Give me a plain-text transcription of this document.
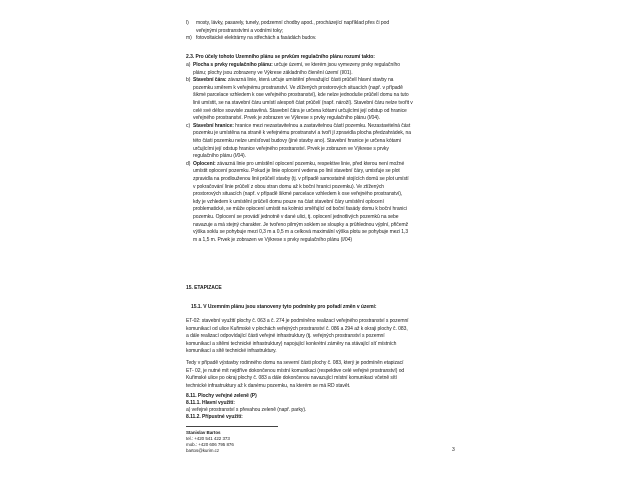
l) mosty, lávky, pasarely, tunely, podzemní chodby apod., procházející například přes či pod
veřejnými prostranstvími a vodními toky;
m) fotovoltaické elektrárny na střechách a fasádách budov.
2.3. Pro účely tohoto Územního plánu se prvkům regulačního plánu rozumí takto:
a) Plocha s prvky regulačního plánu: určuje území, ve kterém jsou vymezeny prvky regulačního
plánu; plochy jsou zobrazeny ve Výkrese základního členění území (I/01).
b) Stavební čára: závazná linie, která určuje umístění převažující části průčelí hlavní stavby na
pozemku směrem k veřejnému prostranství. Ve zlížených prostorových situacích (např. v případě
šikmé parcelace vzhledem k ose veřejného prostranství), kde nelze jednoduše průčelí domu na tuto
linii umístit, se na stavební čáru umístí alespoň část průčelí (např. nároží). Stavební čáru nelze tvořit v
celé své délce souvisle zastavěná. Stavební čára je určena kótami určujícími její odstup od hranice
veřejného prostranství. Prvek je zobrazen ve Výkrese s prvky regulačního plánu (I/04).
c) Stavební hranice: hranice mezi nezastavitelnou a zastavitelnou částí pozemku. Nezastavitelná část
pozemku je umístěna na straně k veřejnému prostranství a tvoří jí zpravidla plocha předzahrádek, na
této části pozemku nelze umísťovat budovy (jiné stavby ano). Stavební hranice je určena kótami
určujícími její odstup hranice veřejného prostranství. Prvek je zobrazen ve Výkrese s prvky
regulačního plánu (I/04).
d) Oplocení: závazná linie pro umístění oplocení pozemku, respektive linie, před kterou není možné
umístit oplocení pozemku. Pokud je linie oplocení vedena po linii stavební čáry, umisťuje se plot
zpravidla na prodlouženou linii průčelí stavby (tj. v případě samostatně stojících domů se plot umístí
v pokračování linie průčelí z obou stran domu až k boční hranici pozemku). Ve ztížených
prostorových situacích (např. v případě šikmé parcelace vzhledem k ose veřejného prostranství),
kdy je vzhledem k umístění průčelí domu pouze na část stavební čáry umístění oplocení
problematické, se může oplocení umístit na kolmici směřující od boční fasády domu k boční hranici
pozemku. Oplocení se provádí jednotně v dané ulici, tj. oplocení jednotlivých pozemků na sebe
navazuje a má stejný charakter. Je tvořeno pilmým soklem se sloupky a průhlednou výplní, přičemž
výška soklu se pohybuje mezi 0,3 m a 0,5 m a celková maximální výška plotu se pohybuje mezi 1,3
m a 1,5 m. Prvek je zobrazen ve Výkrese s prvky regulačního plánu (I/04)
15. ETAPIZACE
15.1. V Územním plánu jsou stanoveny tyto podmínky pro pořadí změn v území:
ET-02: stavební využití plochy č. 063 a č. 274 je podmíněno realizací veřejného prostranství s pozemní
komunikací od ulice Kuřimské v plochách veřejných prostranství č. 086 a 294 až k okraji plochy č. 083,
a dále realizací odpovídající části veřejné infrastruktury (tj. veřejných prostranství s pozemní
komunikací a sítěmi technické infrastruktury) napojující konkrétní záměry na stávající síť místních
komunikací a sítě technické infrastruktury.
Tedy v případě výstavby rodinného domu na severní části plochy č. 083, který je podmíněn etapizací
ET- 02, je nutné mít nejdříve dokončenou místní komunikaci (respektive celé veřejné prostranství) od
Kuřimské ulice po okraj plochy č. 083 a dále dokončenou navazující místní komunikaci včetně sítí
technické infrastruktury až k danému pozemku, na kterém se má RD stavět.
8.11. Plochy veřejné zeleně (P)
8.11.1. Hlavní využití:
a) veřejné prostranství s převahou zeleně (např. parky).
8.11.2. Přípustné využití:
Stanislav Bartos
tel.: +420 541 422 373
mob.: +420 606 795 876
bartos@kurim.cz	3
